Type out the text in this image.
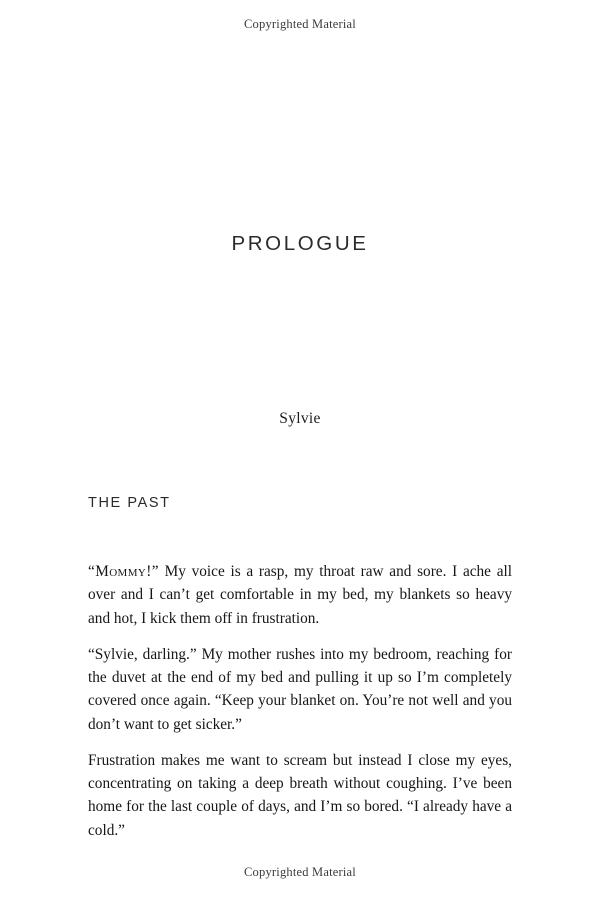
Copyrighted Material
PROLOGUE
Sylvie
THE PAST

“Mommy!” My voice is a rasp, my throat raw and sore. I ache all over and I can’t get comfortable in my bed, my blankets so heavy and hot, I kick them off in frustration.

“Sylvie, darling.” My mother rushes into my bedroom, reaching for the duvet at the end of my bed and pulling it up so I’m completely covered once again. “Keep your blanket on. You’re not well and you don’t want to get sicker.”

Frustration makes me want to scream but instead I close my eyes, concentrating on taking a deep breath without coughing. I’ve been home for the last couple of days, and I’m so bored. “I already have a cold.”

Copyrighted Material
